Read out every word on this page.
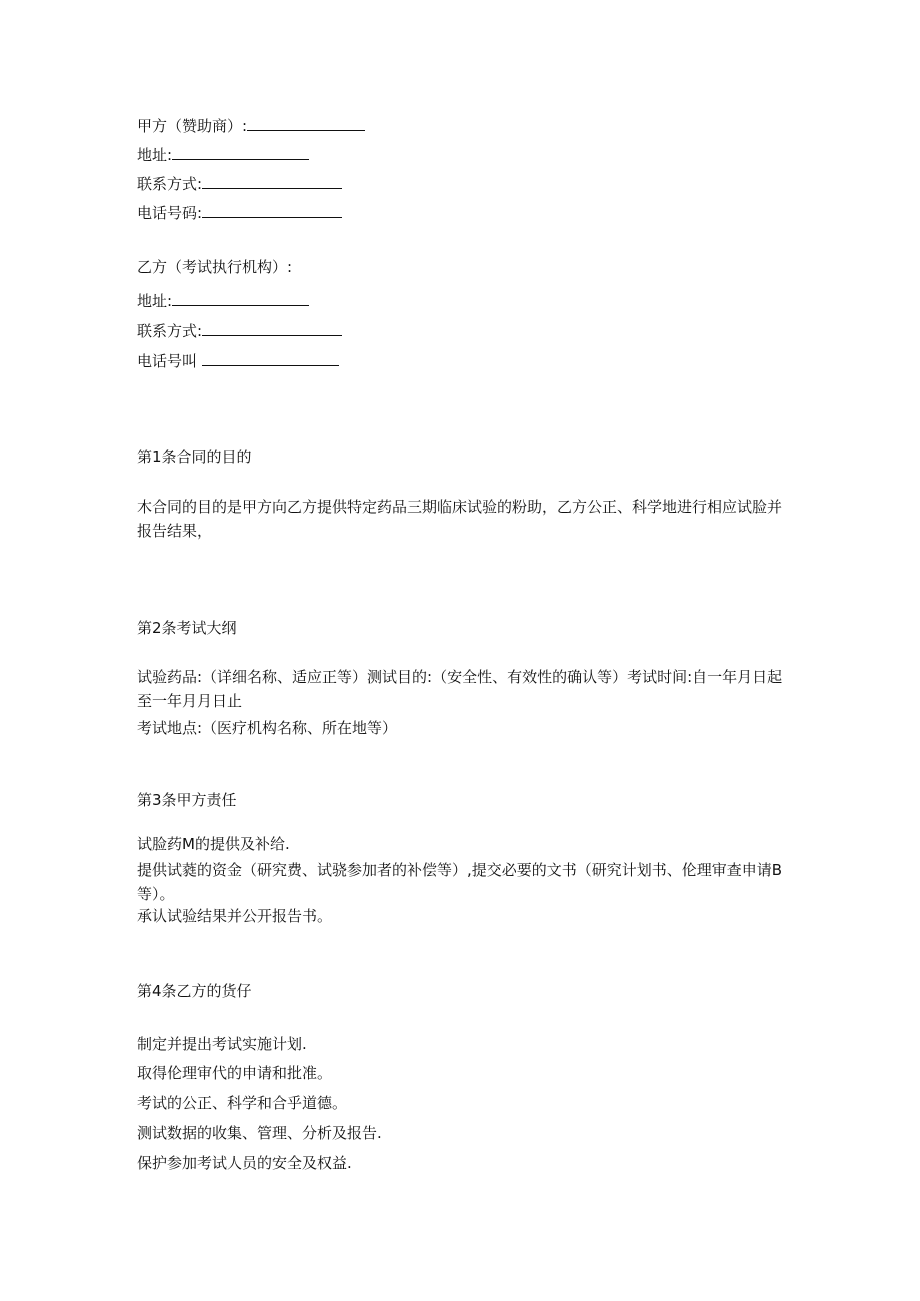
甲方（赞助商）:
地址:
联系方式:
电话号码:
乙方（考试执行机构）:
地址:
联系方式:
电话号叫
第1条合同的目的
木合同的目的是甲方向乙方提供特定药品三期临床试验的粉助，乙方公正、科学地进行相应试脸并报告结果，
第2条考试大纲
试验药品:（详细名称、适应正等）测试目的:（安全性、有效性的确认等）考试时间:自一年月日起至一年月月日止
考试地点:（医疗机构名称、所在地等）
第3条甲方责任
试脸药M的提供及补给.
提供试蕤的资金（研究费、试骁参加者的补偿等）,提交必要的文书（研究计划书、伦理审查申请B等）。
承认试验结果并公开报告书。
第4条乙方的货仔
制定并提出考试实施计划.
取得伦理审代的申请和批准。
考试的公正、科学和合乎道德。
测试数据的收集、管理、分析及报告.
保护参加考试人员的安全及权益.
